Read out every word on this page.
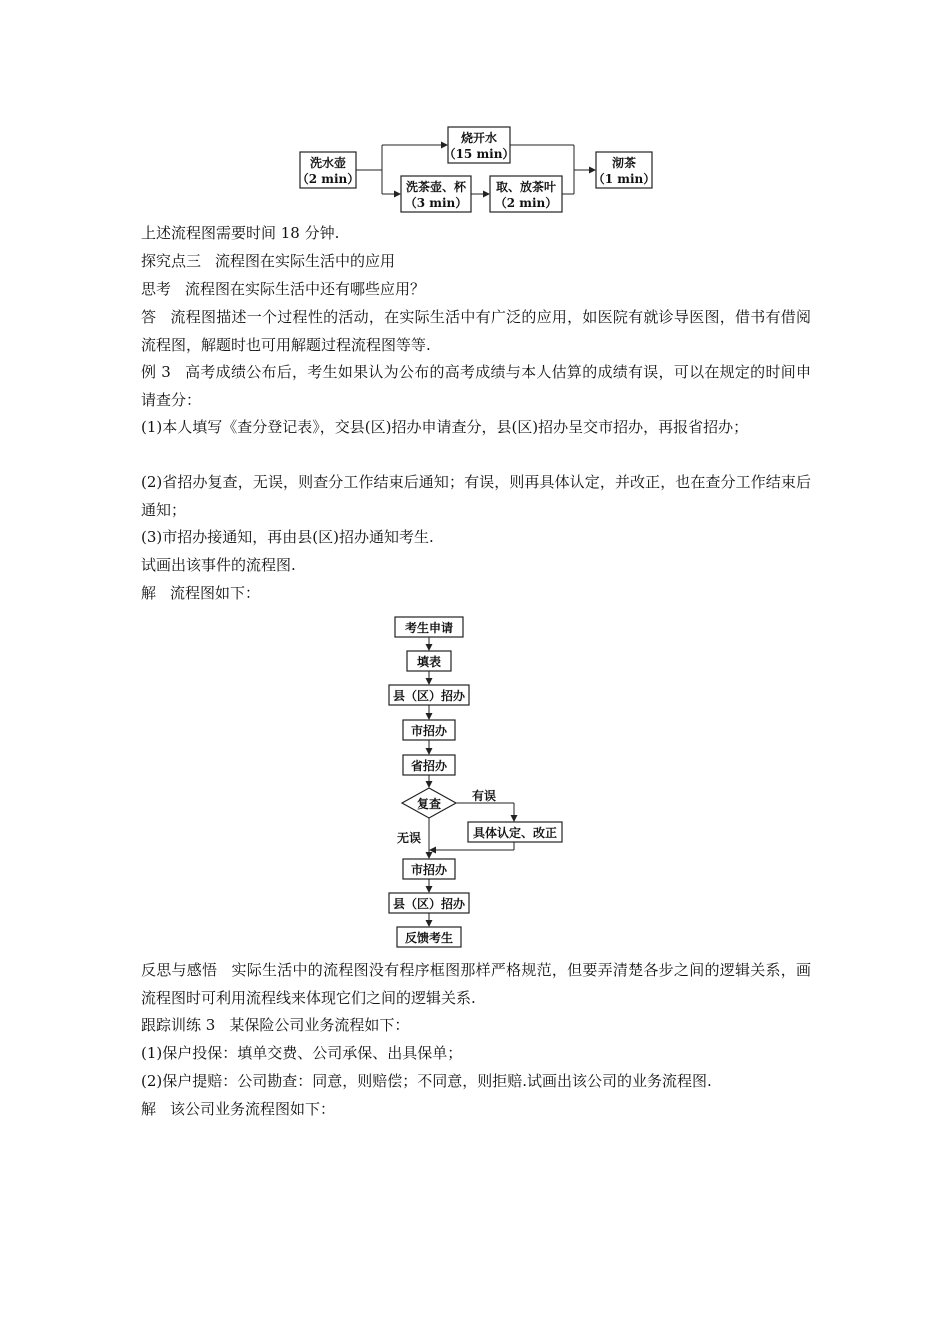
洗水壶
（2 min）
烧开水
（15 min）
洗茶壶、杯
（3 min）
取、放茶叶
（2 min）
沏茶
（1 min）

上述流程图需要时间 18 分钟.

探究点三 流程图在实际生活中的应用

思考 流程图在实际生活中还有哪些应用？

答 流程图描述一个过程性的活动，在实际生活中有广泛的应用，如医院有就诊导医图，借书有借阅流程图，解题时也可用解题过程流程图等等.

例 3 高考成绩公布后，考生如果认为公布的高考成绩与本人估算的成绩有误，可以在规定的时间申请查分：

(1)本人填写《查分登记表》，交县(区)招办申请查分，县(区)招办呈交市招办，再报省招办；

(2)省招办复查，无误，则查分工作结束后通知；有误，则再具体认定，并改正，也在查分工作结束后通知；

(3)市招办接通知，再由县(区)招办通知考生.

试画出该事件的流程图.

解 流程图如下：

考生申请
填表
县（区）招办
市招办
省招办
复查
有误
具体认定、改正
无误
市招办
县（区）招办
反馈考生

反思与感悟 实际生活中的流程图没有程序框图那样严格规范，但要弄清楚各步之间的逻辑关系，画流程图时可利用流程线来体现它们之间的逻辑关系.

跟踪训练 3 某保险公司业务流程如下：

(1)保户投保：填单交费、公司承保、出具保单；

(2)保户提赔：公司勘查：同意，则赔偿；不同意，则拒赔.试画出该公司的业务流程图.

解 该公司业务流程图如下：
